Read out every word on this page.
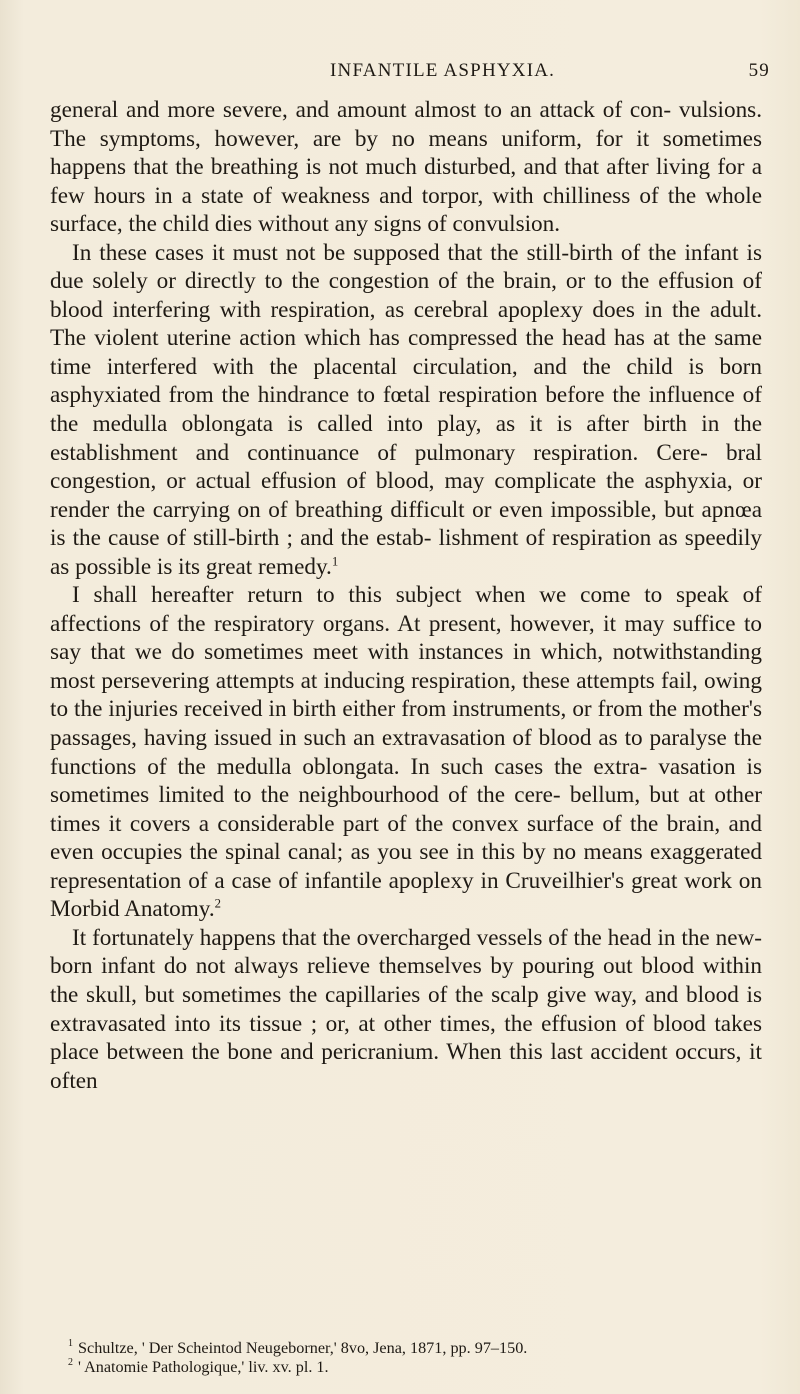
INFANTILE ASPHYXIA.	59

general and more severe, and amount almost to an attack of con- vulsions. The symptoms, however, are by no means uniform, for it sometimes happens that the breathing is not much disturbed, and that after living for a few hours in a state of weakness and torpor, with chilliness of the whole surface, the child dies without any signs of convulsion.

In these cases it must not be supposed that the still-birth of the infant is due solely or directly to the congestion of the brain, or to the effusion of blood interfering with respiration, as cerebral apoplexy does in the adult. The violent uterine action which has compressed the head has at the same time interfered with the placental circulation, and the child is born asphyxiated from the hindrance to fœtal respiration before the influence of the medulla oblongata is called into play, as it is after birth in the establishment and continuance of pulmonary respiration. Cere- bral congestion, or actual effusion of blood, may complicate the asphyxia, or render the carrying on of breathing difficult or even impossible, but apnœa is the cause of still-birth ; and the estab- lishment of respiration as speedily as possible is its great remedy.$^1$

I shall hereafter return to this subject when we come to speak of affections of the respiratory organs. At present, however, it may suffice to say that we do sometimes meet with instances in which, notwithstanding most persevering attempts at inducing respiration, these attempts fail, owing to the injuries received in birth either from instruments, or from the mother's passages, having issued in such an extravasation of blood as to paralyse the functions of the medulla oblongata. In such cases the extra- vasation is sometimes limited to the neighbourhood of the cere- bellum, but at other times it covers a considerable part of the convex surface of the brain, and even occupies the spinal canal; as you see in this by no means exaggerated representation of a case of infantile apoplexy in Cruveilhier's great work on Morbid Anatomy.$^2$

It fortunately happens that the overcharged vessels of the head in the new-born infant do not always relieve themselves by pouring out blood within the skull, but sometimes the capillaries of the scalp give way, and blood is extravasated into its tissue ; or, at other times, the effusion of blood takes place between the bone and pericranium. When this last accident occurs, it often

1 Schultze, ' Der Scheintod Neugeborner,' 8vo, Jena, 1871, pp. 97–150.
2 ' Anatomie Pathologique,' liv. xv. pl. 1.
